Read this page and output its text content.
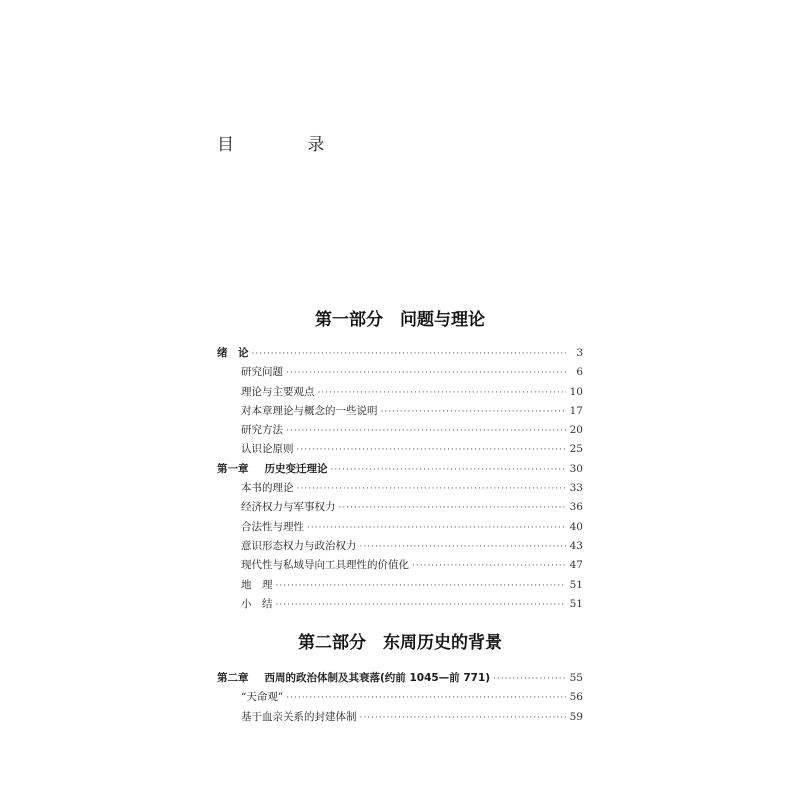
目 录
第一部分　问题与理论
绪　论 ·····	3
研究问题 ·····	6
理论与主要观点 ·····	10
对本章理论与概念的一些说明 ·····	17
研究方法 ·····	20
认识论原则 ·····	25
第一章 历史变迁理论 ·····	30
本书的理论 ·····	33
经济权力与军事权力 ·····	36
合法性与理性 ·····	40
意识形态权力与政治权力 ·····	43
现代性与私域导向工具理性的价值化 ·····	47
地　理 ·····	51
小　结 ·····	51
第二部分　东周历史的背景
第二章 西周的政治体制及其衰落(约前 1045—前 771) ·····	55
“天命观” ·····	56
基于血亲关系的封建体制 ·····	59
